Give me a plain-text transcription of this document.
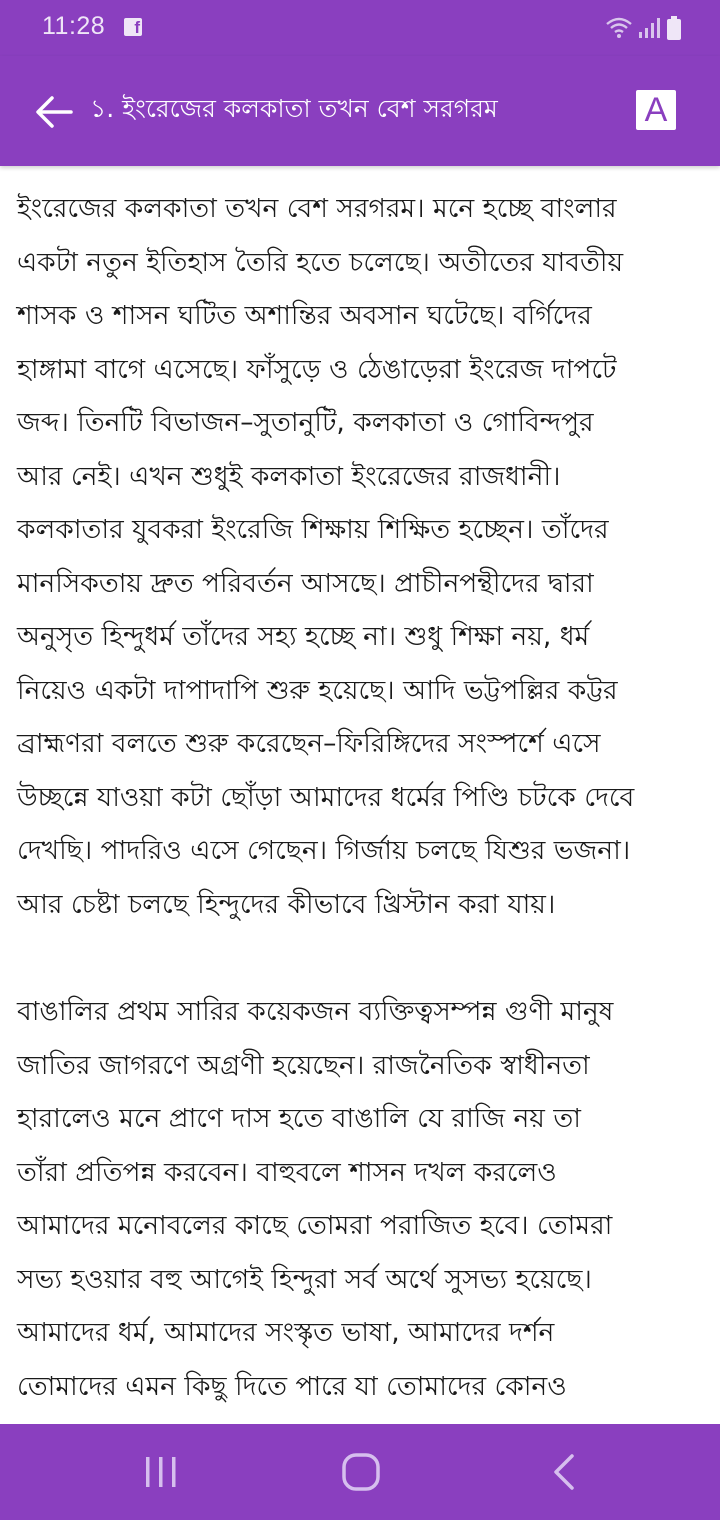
11:28 f
১. ইংরেজের কলকাতা তখন বেশ সরগরম	A

ইংরেজের কলকাতা তখন বেশ সরগরম। মনে হচ্ছে বাংলার
একটা নতুন ইতিহাস তৈরি হতে চলেছে। অতীতের যাবতীয়
শাসক ও শাসন ঘটিত অশান্তির অবসান ঘটেছে। বর্গিদের
হাঙ্গামা বাগে এসেছে। ফাঁসুড়ে ও ঠেঙাড়েরা ইংরেজ দাপটে
জব্দ। তিনটি বিভাজন–সুতানুটি, কলকাতা ও গোবিন্দপুর
আর নেই। এখন শুধুই কলকাতা ইংরেজের রাজধানী।
কলকাতার যুবকরা ইংরেজি শিক্ষায় শিক্ষিত হচ্ছেন। তাঁদের
মানসিকতায় দ্রুত পরিবর্তন আসছে। প্রাচীনপন্থীদের দ্বারা
অনুসৃত হিন্দুধর্ম তাঁদের সহ্য হচ্ছে না। শুধু শিক্ষা নয়, ধর্ম
নিয়েও একটা দাপাদাপি শুরু হয়েছে। আদি ভট্টপল্লির কট্টর
ব্রাহ্মণরা বলতে শুরু করেছেন–ফিরিঙ্গিদের সংস্পর্শে এসে
উচ্ছন্নে যাওয়া কটা ছোঁড়া আমাদের ধর্মের পিণ্ডি চটকে দেবে
দেখছি। পাদরিও এসে গেছেন। গির্জায় চলছে যিশুর ভজনা।
আর চেষ্টা চলছে হিন্দুদের কীভাবে খ্রিস্টান করা যায়।

বাঙালির প্রথম সারির কয়েকজন ব্যক্তিত্বসম্পন্ন গুণী মানুষ
জাতির জাগরণে অগ্রণী হয়েছেন। রাজনৈতিক স্বাধীনতা
হারালেও মনে প্রাণে দাস হতে বাঙালি যে রাজি নয় তা
তাঁরা প্রতিপন্ন করবেন। বাহুবলে শাসন দখল করলেও
আমাদের মনোবলের কাছে তোমরা পরাজিত হবে। তোমরা
সভ্য হওয়ার বহু আগেই হিন্দুরা সর্ব অর্থে সুসভ্য হয়েছে।
আমাদের ধর্ম, আমাদের সংস্কৃত ভাষা, আমাদের দর্শন
তোমাদের এমন কিছু দিতে পারে যা তোমাদের কোনও
